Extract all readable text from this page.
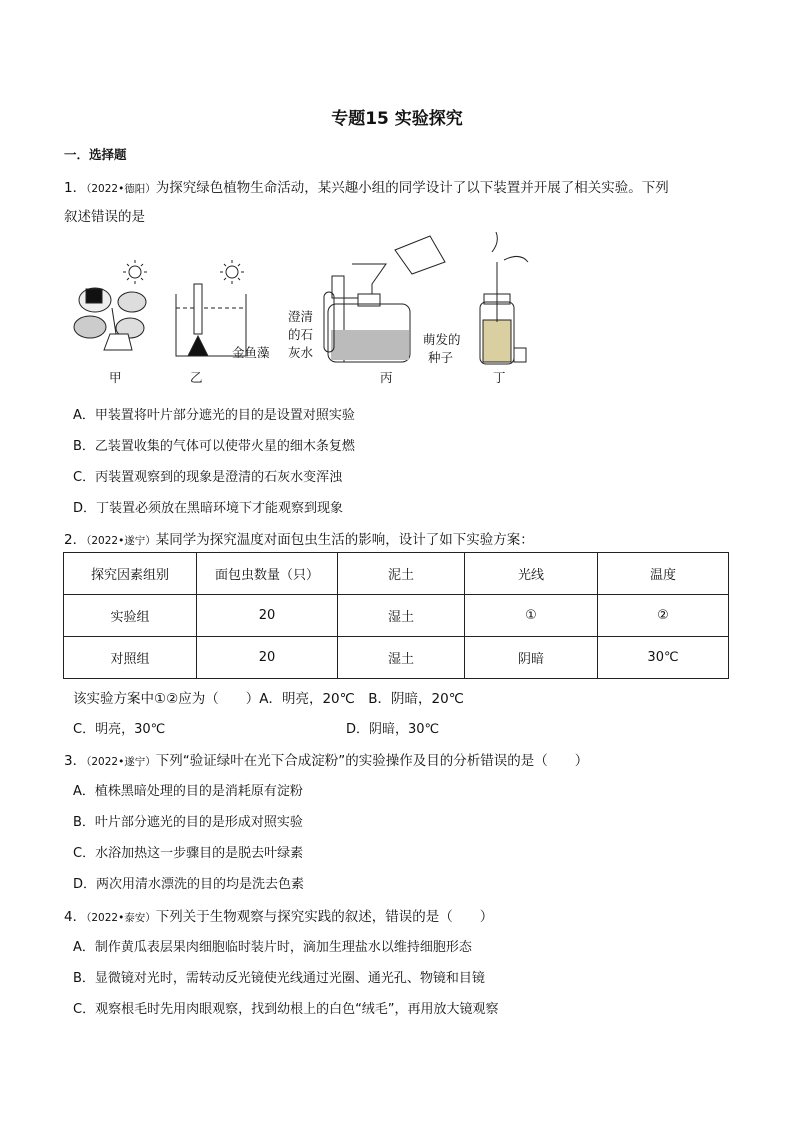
专题15 实验探究
一．选择题
1．（2022•德阳）为探究绿色植物生命活动，某兴趣小组的同学设计了以下装置并开展了相关实验。下列
叙述错误的是
甲	乙
金鱼藻
澄清
的石
灰水
丙
萌发的
种子
丁
A．甲装置将叶片部分遮光的目的是设置对照实验
B．乙装置收集的气体可以使带火星的细木条复燃
C．丙装置观察到的现象是澄清的石灰水变浑浊
D．丁装置必须放在黑暗环境下才能观察到现象
2．（2022•遂宁）某同学为探究温度对面包虫生活的影响，设计了如下实验方案：
探究因素组别	面包虫数量（只）	泥土	光线	温度
实验组	20	湿土	①	②
对照组	20	湿土	阴暗	30℃
该实验方案中①②应为（　　）A．明亮，20℃　B．阴暗，20℃
C．明亮，30℃	D．阴暗，30℃
3．（2022•遂宁）下列“验证绿叶在光下合成淀粉”的实验操作及目的分析错误的是（　　）
A．植株黑暗处理的目的是消耗原有淀粉
B．叶片部分遮光的目的是形成对照实验
C．水浴加热这一步骤目的是脱去叶绿素
D．两次用清水漂洗的目的均是洗去色素
4．（2022•泰安）下列关于生物观察与探究实践的叙述，错误的是（　　）
A．制作黄瓜表层果肉细胞临时装片时，滴加生理盐水以维持细胞形态
B．显微镜对光时，需转动反光镜使光线通过光圈、通光孔、物镜和目镜
C．观察根毛时先用肉眼观察，找到幼根上的白色“绒毛”，再用放大镜观察
